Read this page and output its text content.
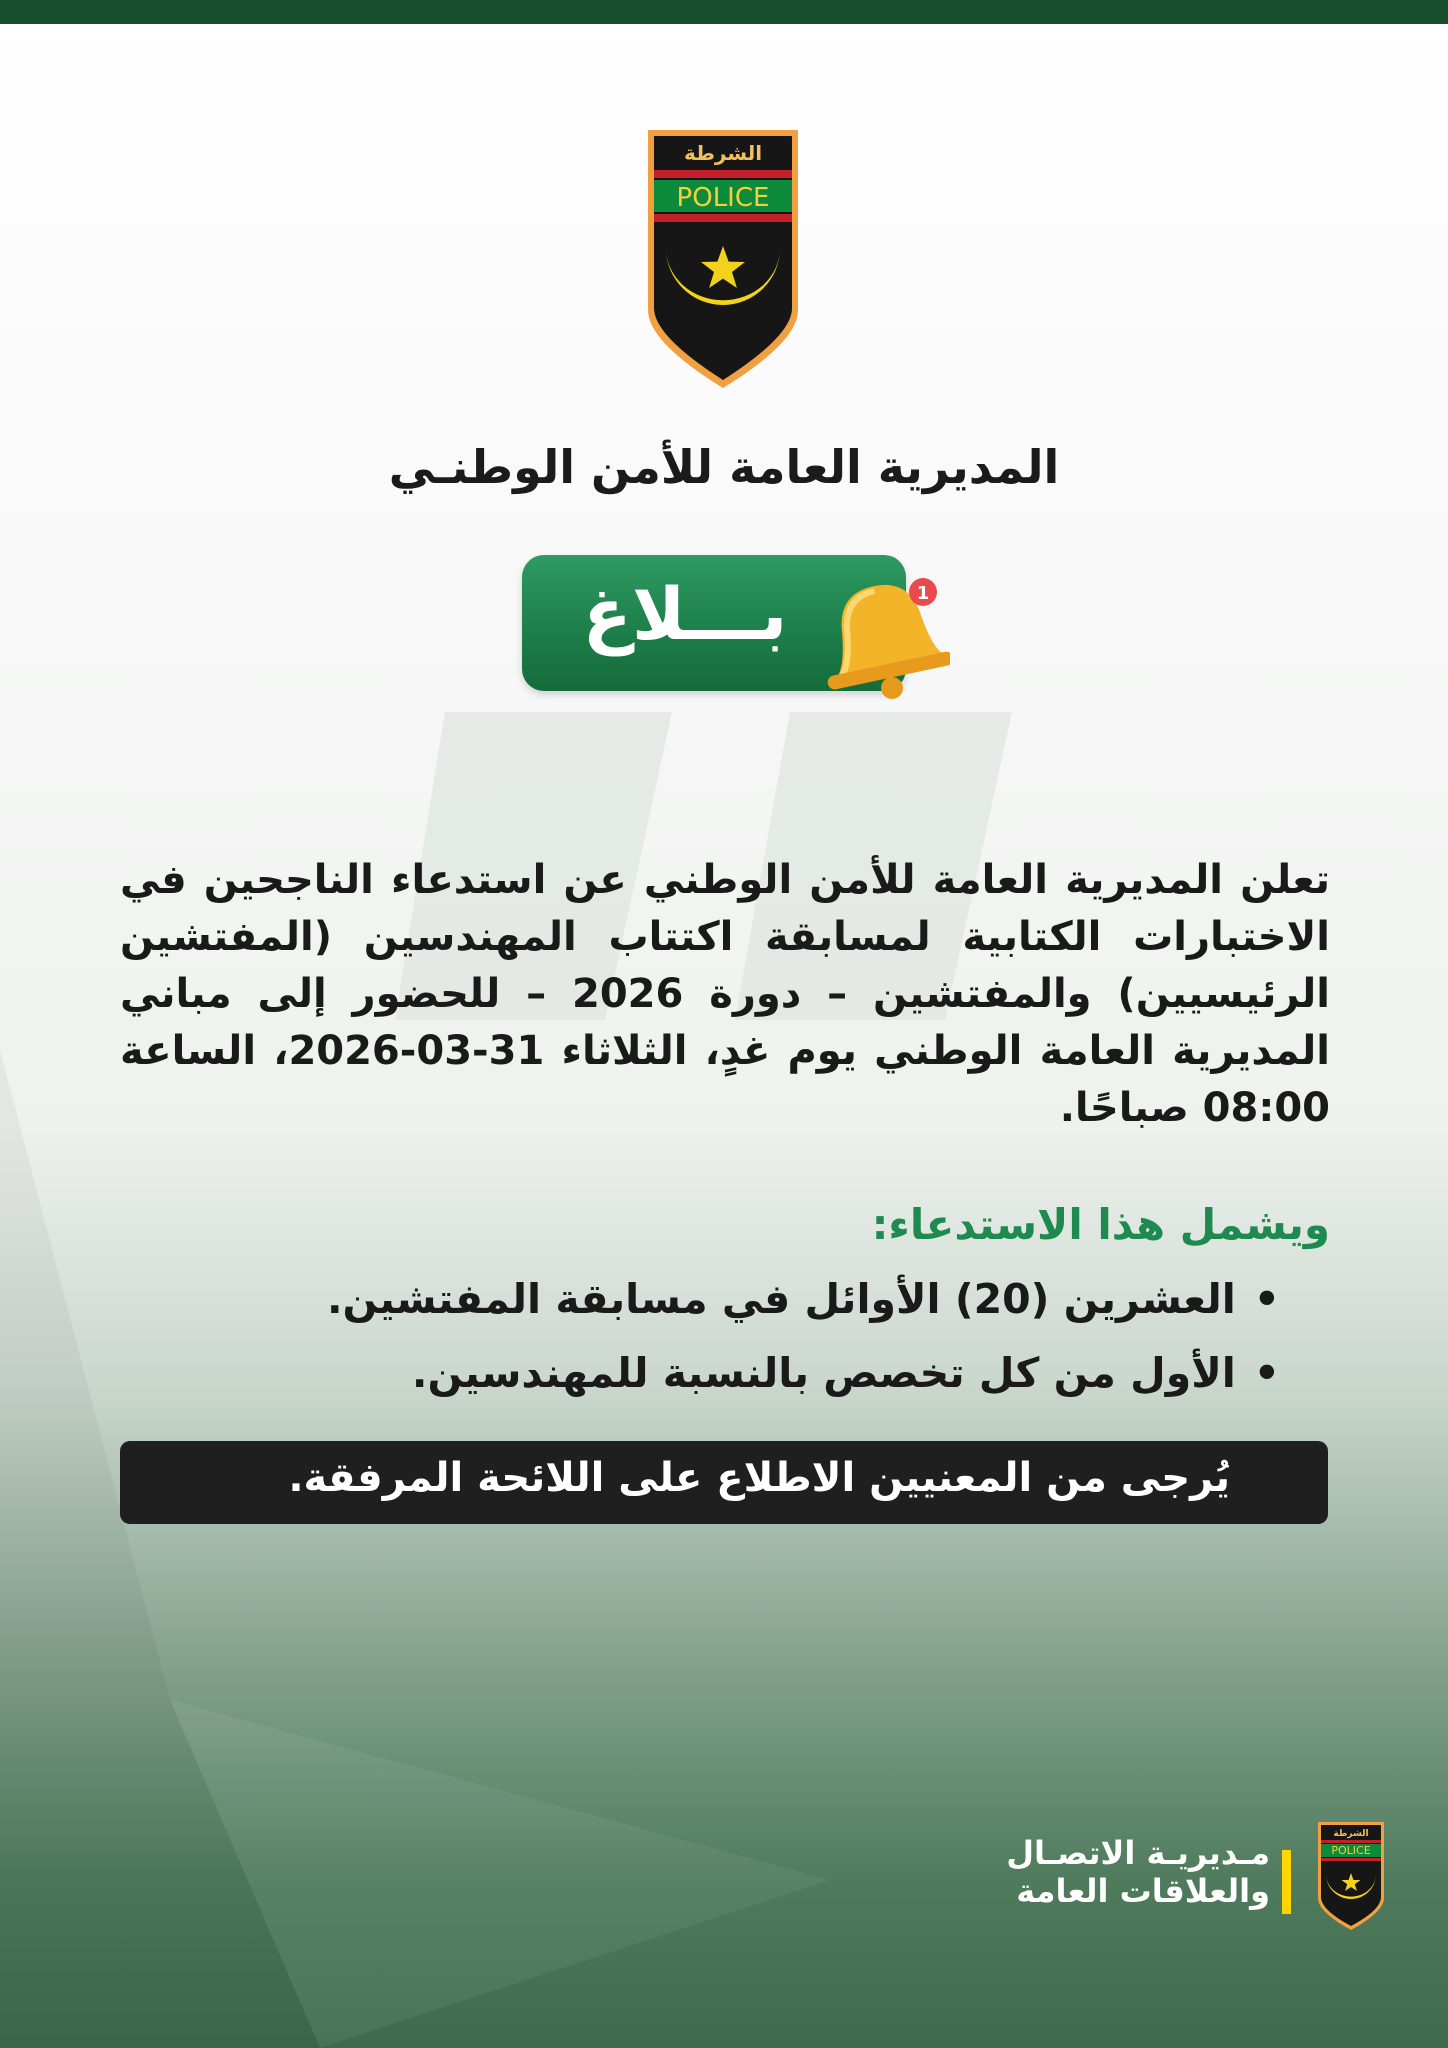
الشرطة
POLICE
المديرية العامة للأمن الوطنـي
بـــلاغ	1
تعلن المديرية العامة للأمن الوطني عن استدعاء الناجحين في الاختبارات الكتابية لمسابقة اكتتاب المهندسين (المفتشين الرئيسيين) والمفتشين – دورة 2026 – للحضور إلى مباني المديرية العامة الوطني يوم غدٍ، الثلاثاء 31-03-2026، الساعة 08:00 صباحًا.
ويشمل هذا الاستدعاء:
•العشرين (20) الأوائل في مسابقة المفتشين.
•الأول من كل تخصص بالنسبة للمهندسين.
يُرجى من المعنيين الاطلاع على اللائحة المرفقة.
مـديريـة الاتصـال
والعلاقات العامة
الشرطة
POLICE
